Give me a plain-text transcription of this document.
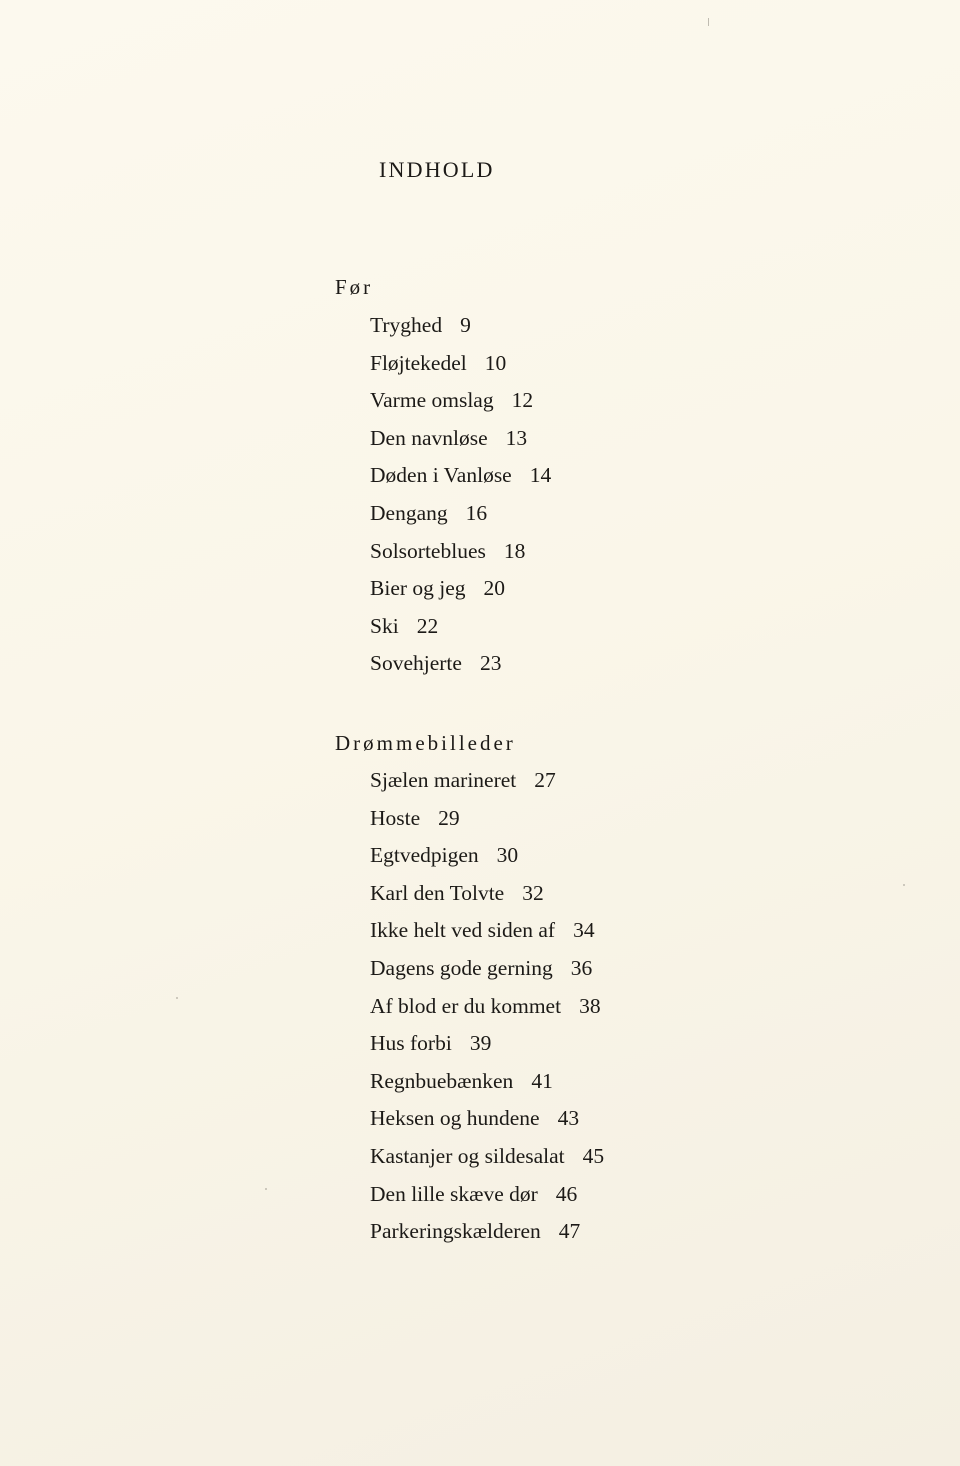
INDHOLD
Før
Tryghed 9
Fløjtekedel 10
Varme omslag 12
Den navnløse 13
Døden i Vanløse 14
Dengang 16
Solsorteblues 18
Bier og jeg 20
Ski 22
Sovehjerte 23
Drømmebilleder
Sjælen marineret 27
Hoste 29
Egtvedpigen 30
Karl den Tolvte 32
Ikke helt ved siden af 34
Dagens gode gerning 36
Af blod er du kommet 38
Hus forbi 39
Regnbuebænken 41
Heksen og hundene 43
Kastanjer og sildesalat 45
Den lille skæve dør 46
Parkeringskælderen 47
